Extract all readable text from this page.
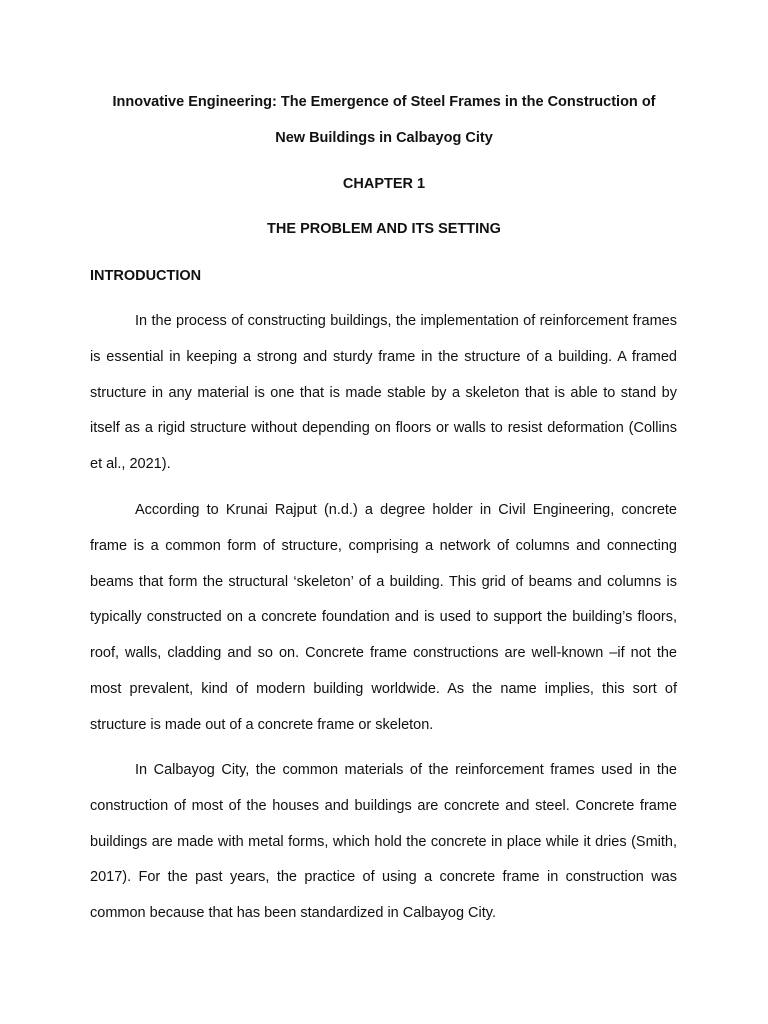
Innovative Engineering: The Emergence of Steel Frames in the Construction of
New Buildings in Calbayog City
CHAPTER 1
THE PROBLEM AND ITS SETTING
INTRODUCTION

In the process of constructing buildings, the implementation of reinforcement frames is essential in keeping a strong and sturdy frame in the structure of a building. A framed structure in any material is one that is made stable by a skeleton that is able to stand by itself as a rigid structure without depending on floors or walls to resist deformation (Collins et al., 2021).

According to Krunai Rajput (n.d.) a degree holder in Civil Engineering, concrete frame is a common form of structure, comprising a network of columns and connecting beams that form the structural ‘skeleton’ of a building. This grid of beams and columns is typically constructed on a concrete foundation and is used to support the building’s floors, roof, walls, cladding and so on. Concrete frame constructions are well-known –if not the most prevalent, kind of modern building worldwide. As the name implies, this sort of structure is made out of a concrete frame or skeleton.

In Calbayog City, the common materials of the reinforcement frames used in the construction of most of the houses and buildings are concrete and steel. Concrete frame buildings are made with metal forms, which hold the concrete in place while it dries (Smith, 2017). For the past years, the practice of using a concrete frame in construction was common because that has been standardized in Calbayog City.
